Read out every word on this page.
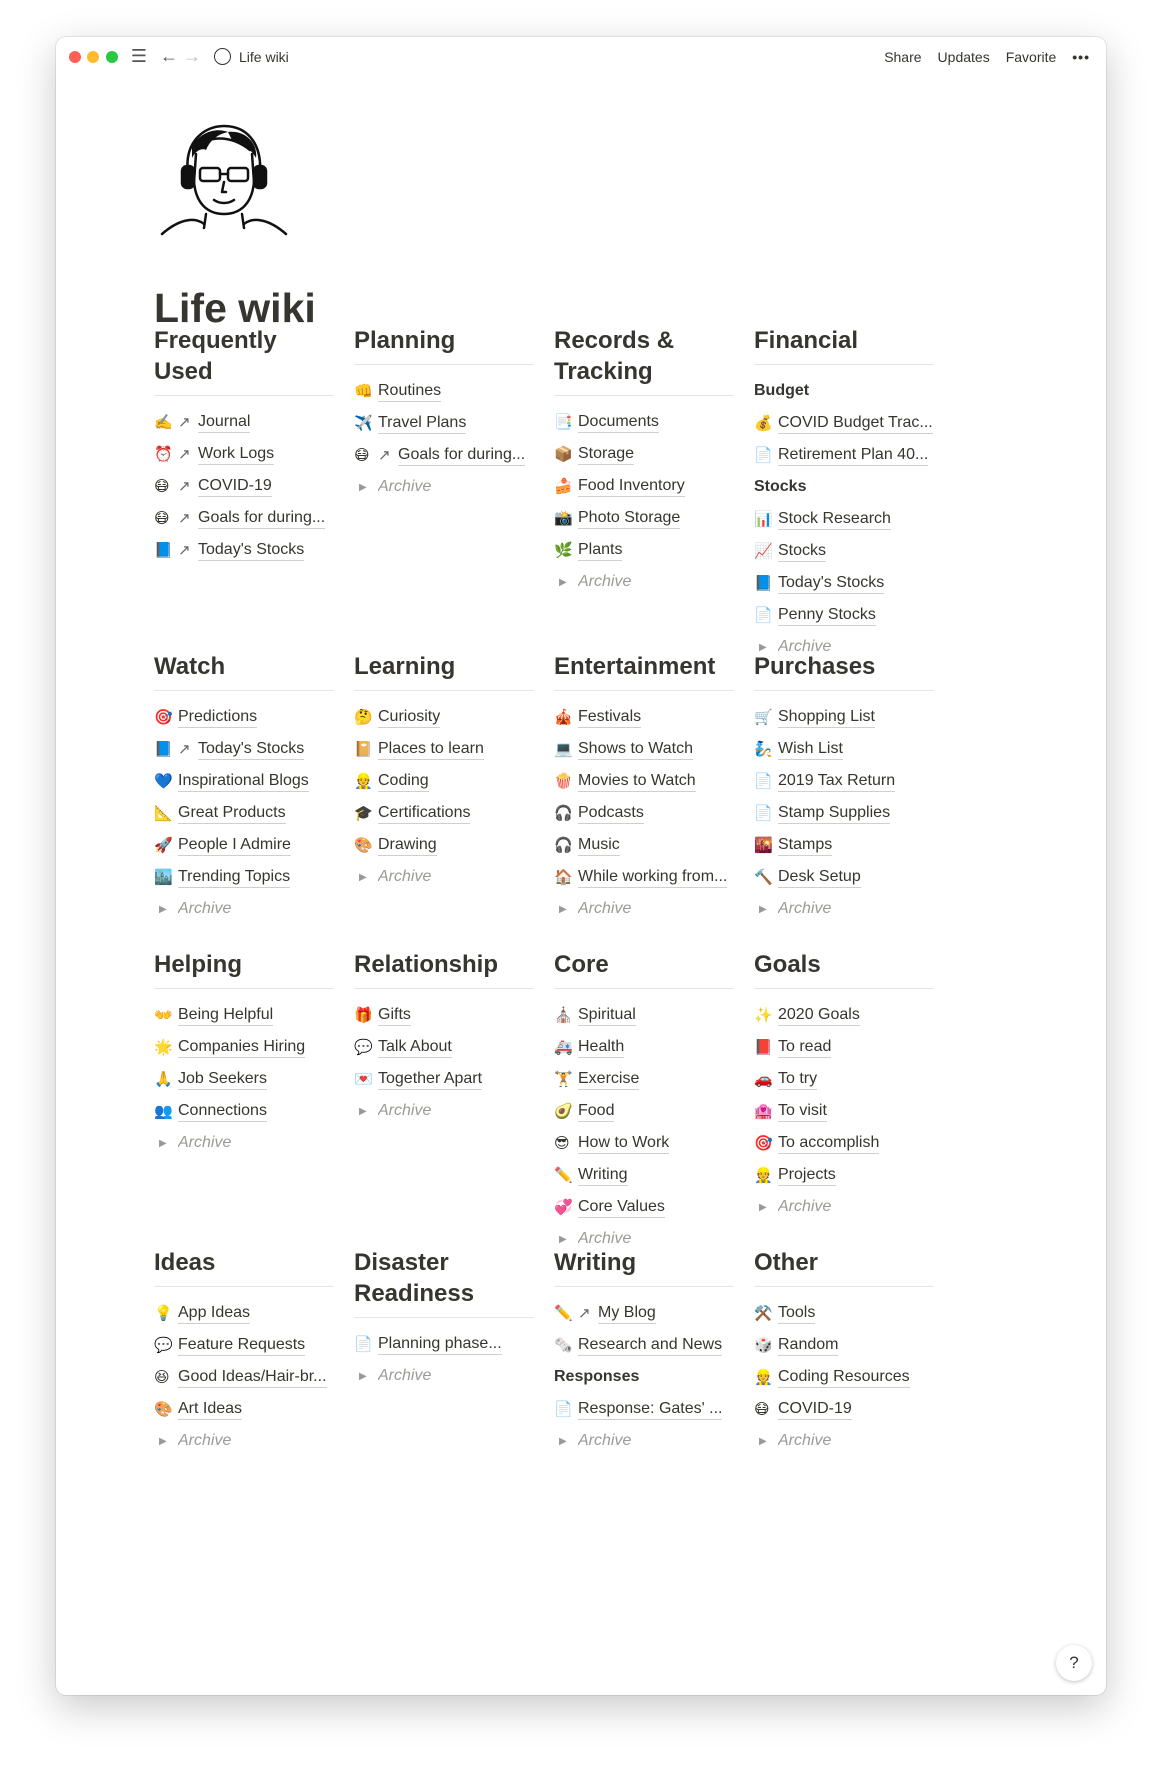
☰ ← →	Life wiki	Share Updates Favorite •••
Life wiki
Frequently Used
✍️ ↗ Journal
⏰ ↗ Work Logs
😷 ↗ COVID-19
😷 ↗ Goals for during...
📘 ↗ Today's Stocks
Planning
👊 Routines
✈️ Travel Plans
😷 ↗ Goals for during...
▶ Archive
Records & Tracking
📑 Documents
📦 Storage
🍰 Food Inventory
📸 Photo Storage
🌿 Plants
▶ Archive
Financial
Budget
💰 COVID Budget Trac...
📄 Retirement Plan 40...
Stocks
📊 Stock Research
📈 Stocks
📘 Today's Stocks
📄 Penny Stocks
▶ Archive
Watch
🎯 Predictions
📘 ↗ Today's Stocks
💙 Inspirational Blogs
📐 Great Products
🚀 People I Admire
🏙️ Trending Topics
▶ Archive
Learning
🤔 Curiosity
📔 Places to learn
👷 Coding
🎓 Certifications
🎨 Drawing
▶ Archive
Entertainment
🎪 Festivals
💻 Shows to Watch
🍿 Movies to Watch
🎧 Podcasts
🎧 Music
🏠 While working from...
▶ Archive
Purchases
🛒 Shopping List
🧞 Wish List
📄 2019 Tax Return
📄 Stamp Supplies
🌇 Stamps
🔨 Desk Setup
▶ Archive
Helping
👐 Being Helpful
🌟 Companies Hiring
🙏 Job Seekers
👥 Connections
▶ Archive
Relationship
🎁 Gifts
💬 Talk About
💌 Together Apart
▶ Archive
Core
⛪ Spiritual
🚑 Health
🏋️ Exercise
🥑 Food
😎 How to Work
✏️ Writing
💞 Core Values
▶ Archive
Goals
✨ 2020 Goals
📕 To read
🚗 To try
🏩 To visit
🎯 To accomplish
👷 Projects
▶ Archive
Ideas
💡 App Ideas
💬 Feature Requests
😆 Good Ideas/Hair-br...
🎨 Art Ideas
▶ Archive
Disaster Readiness
📄 Planning phase...
▶ Archive
Writing
✏️ ↗ My Blog
🗞️ Research and News
Responses
📄 Response: Gates' ...
▶ Archive
Other
⚒️ Tools
🎲 Random
👷 Coding Resources
😷 COVID-19
▶ Archive
?
